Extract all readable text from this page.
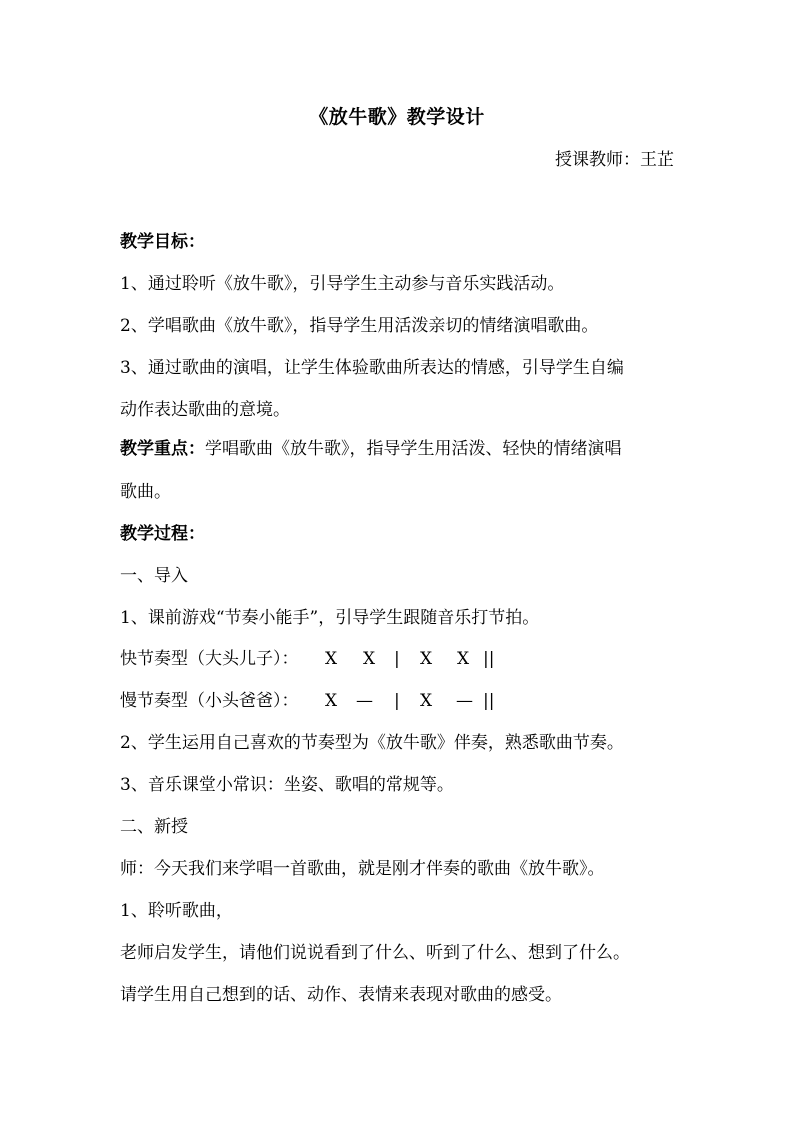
《放牛歌》教学设计
授课教师：王芷
教学目标：
1、通过聆听《放牛歌》，引导学生主动参与音乐实践活动。
2、学唱歌曲《放牛歌》，指导学生用活泼亲切的情绪演唱歌曲。
3、通过歌曲的演唱，让学生体验歌曲所表达的情感，引导学生自编
动作表达歌曲的意境。
教学重点：学唱歌曲《放牛歌》，指导学生用活泼、轻快的情绪演唱
歌曲。
教学过程：
一、导入
1、课前游戏“节奏小能手”，引导学生跟随音乐打节拍。
快节奏型（大头儿子）： X X | X X ||
慢节奏型（小头爸爸）： X — | X — ||
2、学生运用自己喜欢的节奏型为《放牛歌》伴奏，熟悉歌曲节奏。
3、音乐课堂小常识：坐姿、歌唱的常规等。
二、新授
师：今天我们来学唱一首歌曲，就是刚才伴奏的歌曲《放牛歌》。
1、聆听歌曲，
老师启发学生，请他们说说看到了什么、听到了什么、想到了什么。
请学生用自己想到的话、动作、表情来表现对歌曲的感受。
